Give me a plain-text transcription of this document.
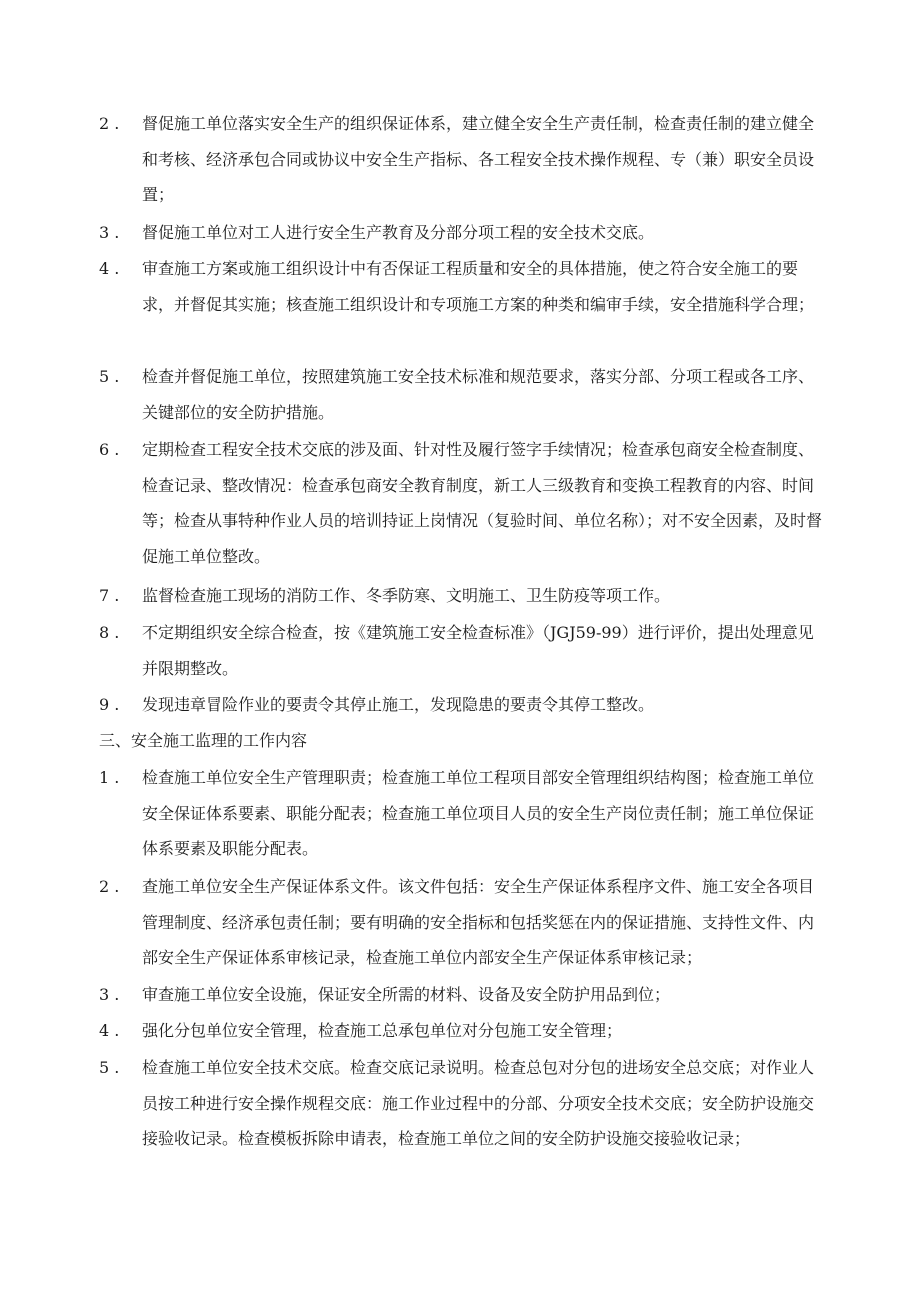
2 .	督促施工单位落实安全生产的组织保证体系，建立健全安全生产责任制，检查责任制的建立健全和考核、经济承包合同或协议中安全生产指标、各工程安全技术操作规程、专（兼）职安全员设置；
3 .	督促施工单位对工人进行安全生产教育及分部分项工程的安全技术交底。
4 .	审查施工方案或施工组织设计中有否保证工程质量和安全的具体措施，使之符合安全施工的要求，并督促其实施；核查施工组织设计和专项施工方案的种类和编审手续，安全措施科学合理；
5 .	检查并督促施工单位，按照建筑施工安全技术标准和规范要求，落实分部、分项工程或各工序、关键部位的安全防护措施。
6 .	定期检查工程安全技术交底的涉及面、针对性及履行签字手续情况；检查承包商安全检查制度、检查记录、整改情况：检查承包商安全教育制度，新工人三级教育和变换工程教育的内容、时间等；检查从事特种作业人员的培训持证上岗情况（复验时间、单位名称）；对不安全因素，及时督促施工单位整改。
7 .	监督检查施工现场的消防工作、冬季防寒、文明施工、卫生防疫等项工作。
8 .	不定期组织安全综合检查，按《建筑施工安全检查标准》（JGJ59-99）进行评价，提出处理意见并限期整改。
9 .	发现违章冒险作业的要责令其停止施工，发现隐患的要责令其停工整改。
三、安全施工监理的工作内容
1 .	检查施工单位安全生产管理职责；检查施工单位工程项目部安全管理组织结构图；检查施工单位安全保证体系要素、职能分配表；检查施工单位项目人员的安全生产岗位责任制；施工单位保证体系要素及职能分配表。
2 .	查施工单位安全生产保证体系文件。该文件包括：安全生产保证体系程序文件、施工安全各项目管理制度、经济承包责任制；要有明确的安全指标和包括奖惩在内的保证措施、支持性文件、内部安全生产保证体系审核记录，检查施工单位内部安全生产保证体系审核记录；
3 .	审查施工单位安全设施，保证安全所需的材料、设备及安全防护用品到位；
4 .	强化分包单位安全管理，检查施工总承包单位对分包施工安全管理；
5 .	检查施工单位安全技术交底。检查交底记录说明。检查总包对分包的进场安全总交底；对作业人员按工种进行安全操作规程交底：施工作业过程中的分部、分项安全技术交底；安全防护设施交接验收记录。检查模板拆除申请表，检查施工单位之间的安全防护设施交接验收记录；
